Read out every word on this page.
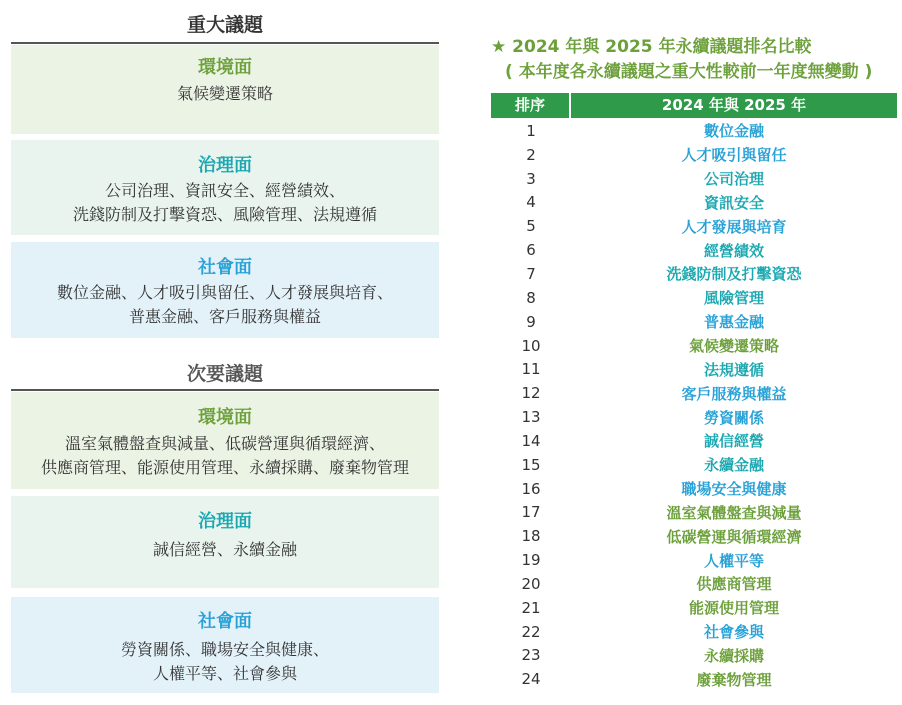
重大議題
環境面
氣候變遷策略
治理面
公司治理、資訊安全、經營績效、
洗錢防制及打擊資恐、風險管理、法規遵循
社會面
數位金融、人才吸引與留任、人才發展與培育、
普惠金融、客戶服務與權益
次要議題
環境面
溫室氣體盤查與減量、低碳營運與循環經濟、
供應商管理、能源使用管理、永續採購、廢棄物管理
治理面
誠信經營、永續金融
社會面
勞資關係、職場安全與健康、
人權平等、社會參與
★ 2024 年與 2025 年永續議題排名比較
( 本年度各永續議題之重大性較前一年度無變動 )
排序	2024 年與 2025 年
1	數位金融
2	人才吸引與留任
3	公司治理
4	資訊安全
5	人才發展與培育
6	經營績效
7	洗錢防制及打擊資恐
8	風險管理
9	普惠金融
10	氣候變遷策略
11	法規遵循
12	客戶服務與權益
13	勞資關係
14	誠信經營
15	永續金融
16	職場安全與健康
17	溫室氣體盤查與減量
18	低碳營運與循環經濟
19	人權平等
20	供應商管理
21	能源使用管理
22	社會參與
23	永續採購
24	廢棄物管理
